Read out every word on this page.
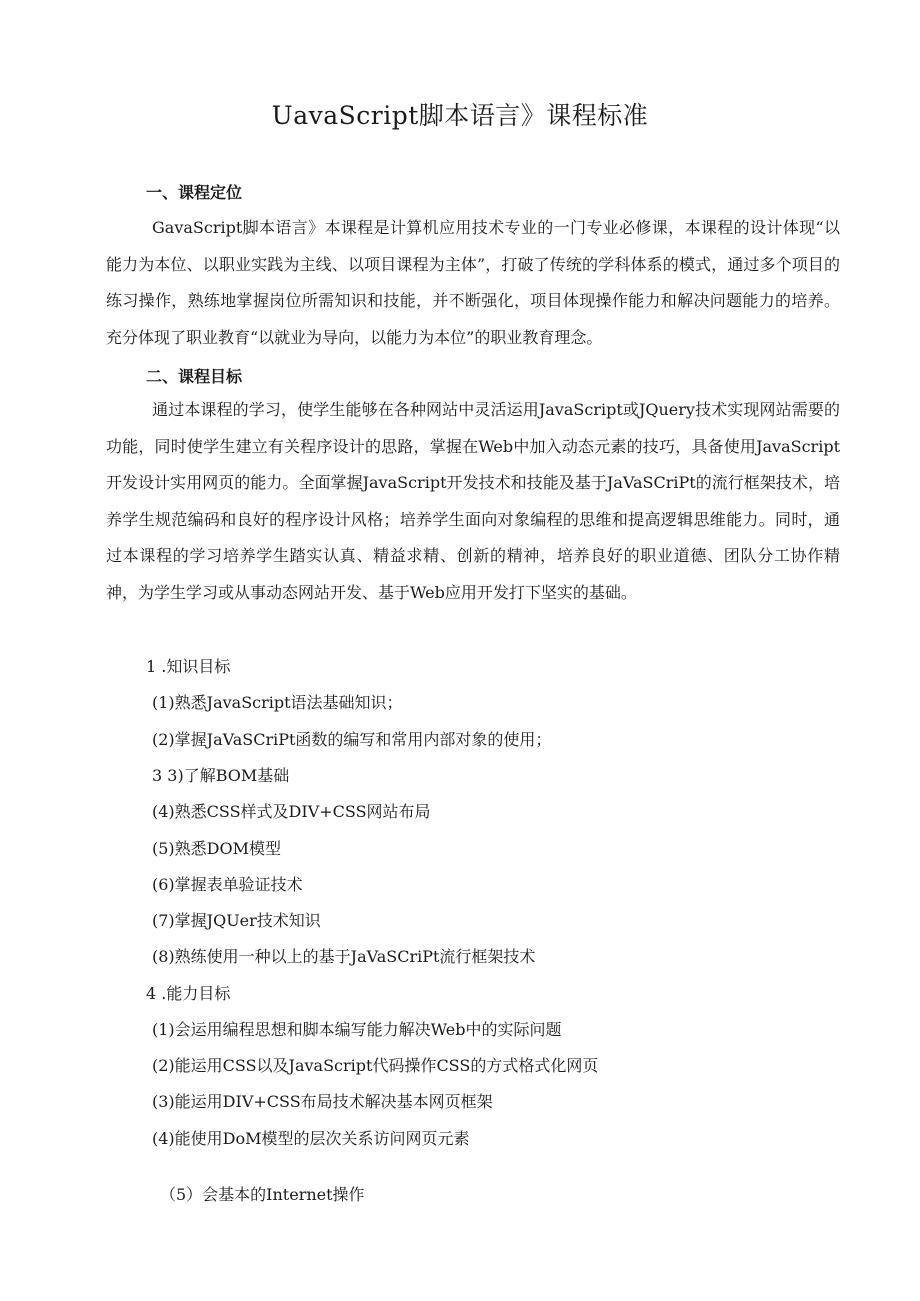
UavaScript脚本语言》课程标准
一、课程定位

GavaScript脚本语言》本课程是计算机应用技术专业的一门专业必修课，本课程的设计体现“以能力为本位、以职业实践为主线、以项目课程为主体”，打破了传统的学科体系的模式，通过多个项目的练习操作，熟练地掌握岗位所需知识和技能，并不断强化，项目体现操作能力和解决问题能力的培养。充分体现了职业教育“以就业为导向，以能力为本位”的职业教育理念。

二、课程目标

通过本课程的学习，使学生能够在各种网站中灵活运用JavaScript或JQuery技术实现网站需要的功能，同时使学生建立有关程序设计的思路，掌握在Web中加入动态元素的技巧，具备使用JavaScript开发设计实用网页的能力。全面掌握JavaScript开发技术和技能及基于JaVaSCriPt的流行框架技术，培养学生规范编码和良好的程序设计风格；培养学生面向对象编程的思维和提高逻辑思维能力。同时，通过本课程的学习培养学生踏实认真、精益求精、创新的精神，培养良好的职业道德、团队分工协作精神，为学生学习或从事动态网站开发、基于Web应用开发打下坚实的基础。

1 .知识目标
(1)熟悉JavaScript语法基础知识；
(2)掌握JaVaSCriPt函数的编写和常用内部对象的使用；
3 3)了解BOM基础
(4)熟悉CSS样式及DIV+CSS网站布局
(5)熟悉DOM模型
(6)掌握表单验证技术
(7)掌握JQUer技术知识
(8)熟练使用一种以上的基于JaVaSCriPt流行框架技术
4 .能力目标
(1)会运用编程思想和脚本编写能力解决Web中的实际问题
(2)能运用CSS以及JavaScript代码操作CSS的方式格式化网页
(3)能运用DIV+CSS布局技术解决基本网页框架
(4)能使用DoM模型的层次关系访问网页元素
（5）会基本的Internet操作
